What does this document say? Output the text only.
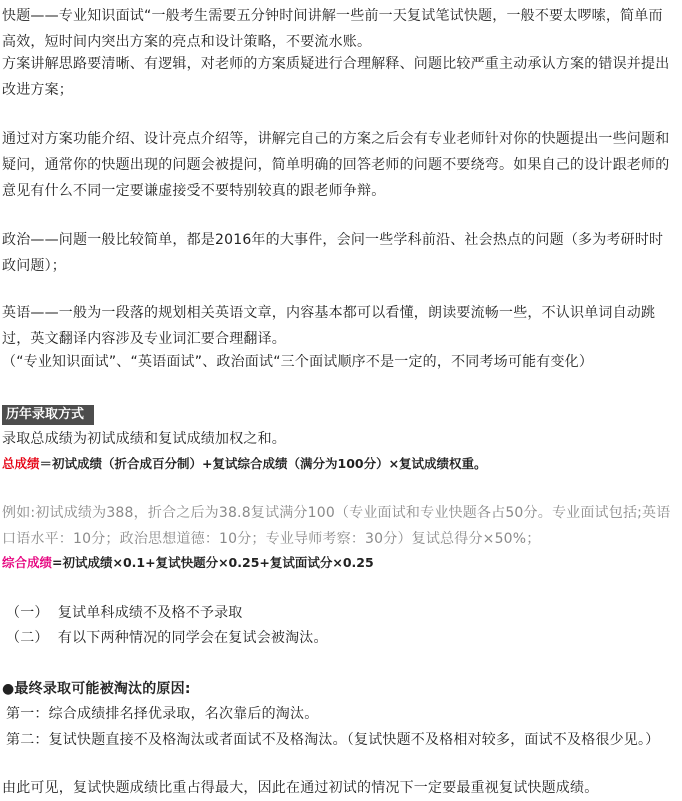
快题——专业知识面试“一般考生需要五分钟时间讲解一些前一天复试笔试快题，一般不要太啰嗦，简单而高效，短时间内突出方案的亮点和设计策略，不要流水账。

方案讲解思路要清晰、有逻辑，对老师的方案质疑进行合理解释、问题比较严重主动承认方案的错误并提出改进方案；

通过对方案功能介绍、设计亮点介绍等，讲解完自己的方案之后会有专业老师针对你的快题提出一些问题和疑问，通常你的快题出现的问题会被提问，简单明确的回答老师的问题不要绕弯。如果自己的设计跟老师的意见有什么不同一定要谦虚接受不要特别较真的跟老师争辩。

政治——问题一般比较简单，都是2016年的大事件，会问一些学科前沿、社会热点的问题（多为考研时时政问题）；

英语——一般为一段落的规划相关英语文章，内容基本都可以看懂，朗读要流畅一些，不认识单词自动跳过，英文翻译内容涉及专业词汇要合理翻译。

（“专业知识面试”、“英语面试”、政治面试“三个面试顺序不是一定的，不同考场可能有变化）

历年录取方式

录取总成绩为初试成绩和复试成绩加权之和。

总成绩＝初试成绩（折合成百分制）+复试综合成绩（满分为100分）×复试成绩权重。

例如:初试成绩为388，折合之后为38.8复试满分100（专业面试和专业快题各占50分。专业面试包括;英语口语水平：10分；政治思想道德：10分；专业导师考察：30分）复试总得分×50%；

综合成绩=初试成绩×0.1+复试快题分×0.25+复试面试分×0.25

（一）  复试单科成绩不及格不予录取

（二）  有以下两种情况的同学会在复试会被淘汰。

●最终录取可能被淘汰的原因:

第一：综合成绩排名择优录取，名次靠后的淘汰。

第二：复试快题直接不及格淘汰或者面试不及格淘汰。（复试快题不及格相对较多，面试不及格很少见。）

由此可见，复试快题成绩比重占得最大，因此在通过初试的情况下一定要最重视复试快题成绩。
